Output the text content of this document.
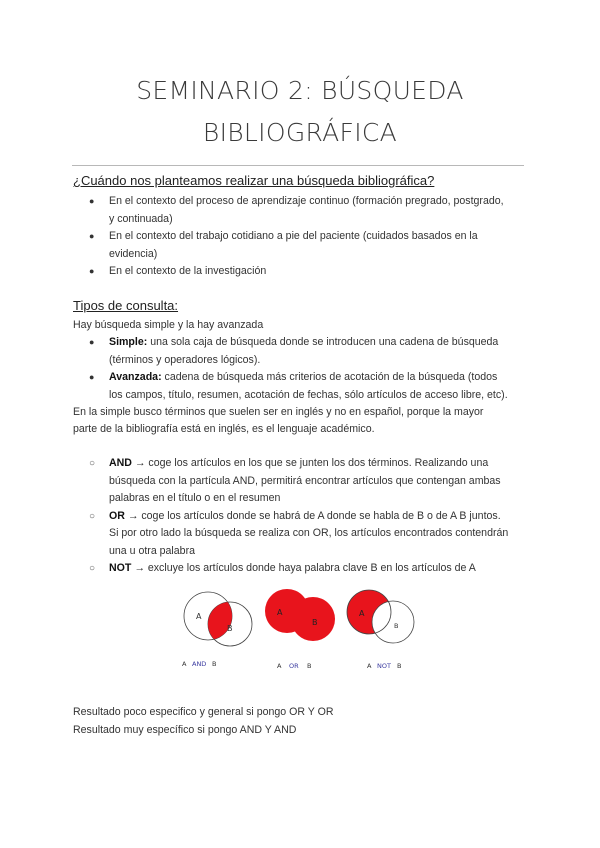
SEMINARIO 2: BÚSQUEDA
BIBLIOGRÁFICA
¿Cuándo nos planteamos realizar una búsqueda bibliográfica?
● En el contexto del proceso de aprendizaje continuo (formación pregrado, postgrado,
y continuada)
● En el contexto del trabajo cotidiano a pie del paciente (cuidados basados en la
evidencia)
● En el contexto de la investigación
Tipos de consulta:
Hay búsqueda simple y la hay avanzada
● Simple: una sola caja de búsqueda donde se introducen una cadena de búsqueda
(términos y operadores lógicos).
● Avanzada: cadena de búsqueda más criterios de acotación de la búsqueda (todos
los campos, título, resumen, acotación de fechas, sólo artículos de acceso libre, etc).
En la simple busco términos que suelen ser en inglés y no en español, porque la mayor
parte de la bibliografía está en inglés, es el lenguaje académico.
○ AND → coge los artículos en los que se junten los dos términos. Realizando una
búsqueda con la partícula AND, permitirá encontrar artículos que contengan ambas
palabras en el título o en el resumen
○ OR → coge los artículos donde se habrá de A donde se habla de B o de A B juntos.
Si por otro lado la búsqueda se realiza con OR, los artículos encontrados contendrán
una u otra palabra
○ NOT → excluye los artículos donde haya palabra clave B en los artículos de A
A
B
A AND B
A
B
A OR B
A
B
A NOT B
Resultado poco especifico y general si pongo OR Y OR
Resultado muy específico si pongo AND Y AND
